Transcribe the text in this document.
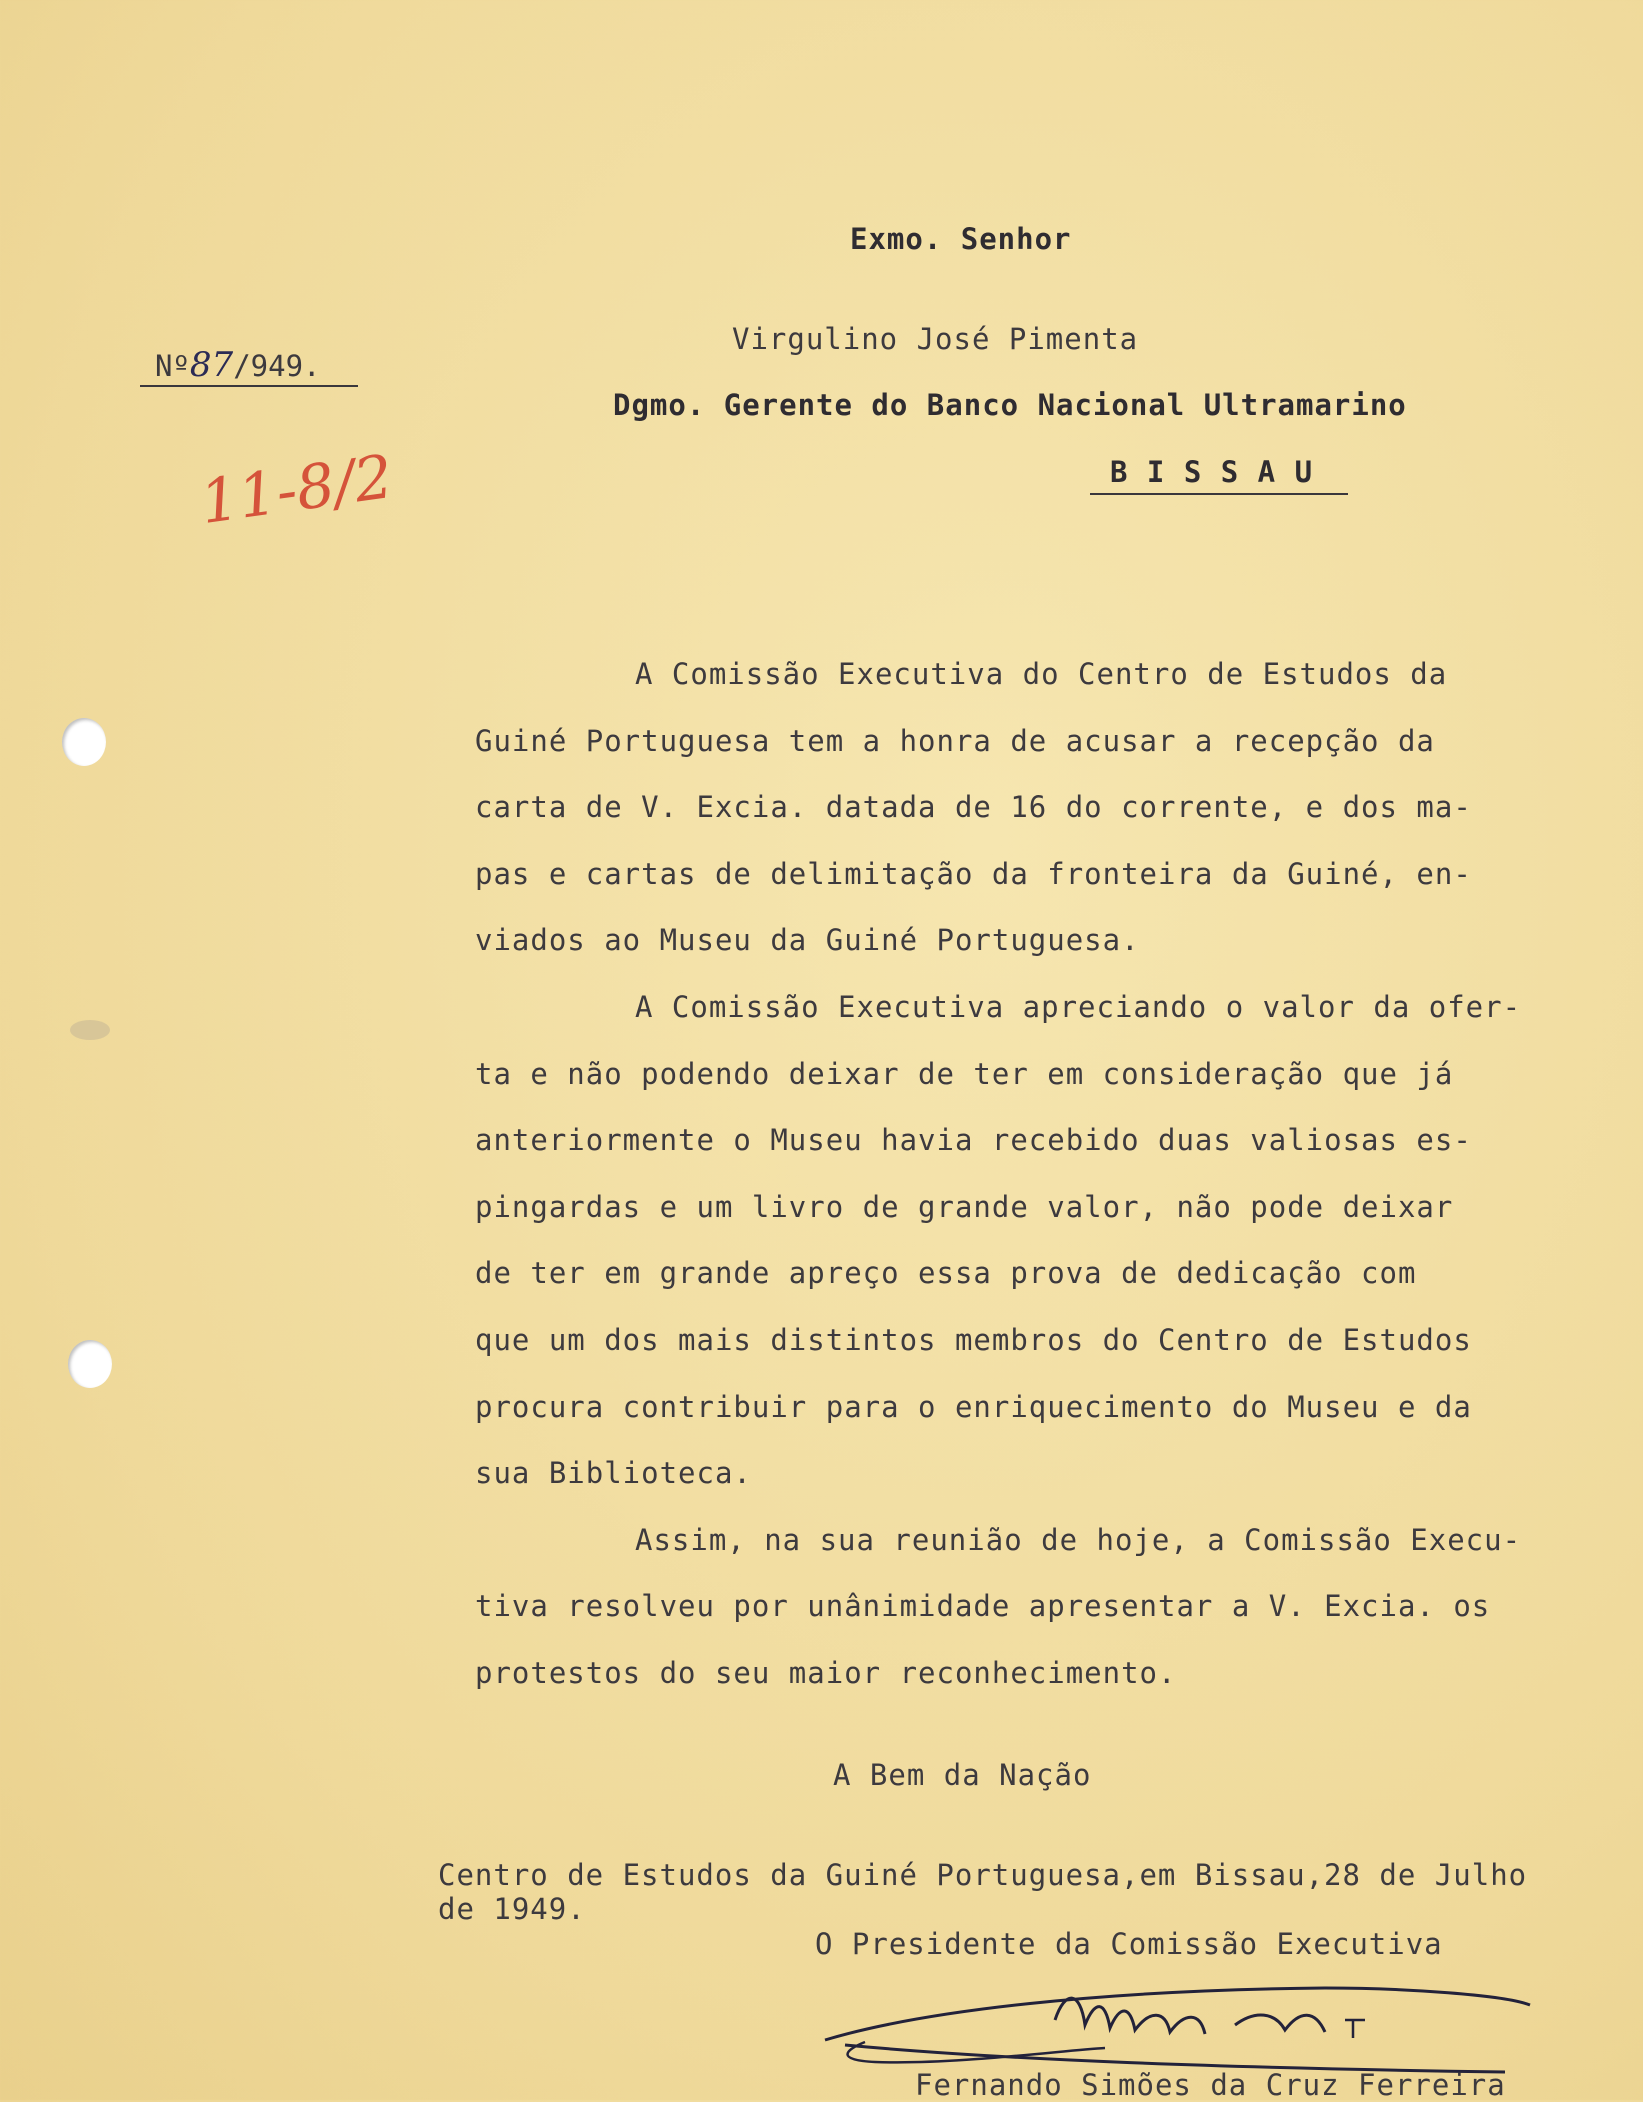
Exmo. Senhor
Nº87/949.
11-8/2
Virgulino José Pimenta
Dgmo. Gerente do Banco Nacional Ultramarino
B I S S A U

A Comissão Executiva do Centro de Estudos da

Guiné Portuguesa tem a honra de acusar a recepção da

carta de V. Excia. datada de 16 do corrente, e dos ma-

pas e cartas de delimitação da fronteira da Guiné, en-

viados ao Museu da Guiné Portuguesa.

A Comissão Executiva apreciando o valor da ofer-

ta e não podendo deixar de ter em consideração que já

anteriormente o Museu havia recebido duas valiosas es-

pingardas e um livro de grande valor, não pode deixar

de ter em grande apreço essa prova de dedicação com

que um dos mais distintos membros do Centro de Estudos

procura contribuir para o enriquecimento do Museu e da

sua Biblioteca.

Assim, na sua reunião de hoje, a Comissão Execu-

tiva resolveu por unânimidade apresentar a V. Excia. os

protestos do seu maior reconhecimento.

A Bem da Nação
Centro de Estudos da Guiné Portuguesa,em Bissau,28 de Julho
de 1949.
O Presidente da Comissão Executiva
Fernando Simões da Cruz Ferreira
